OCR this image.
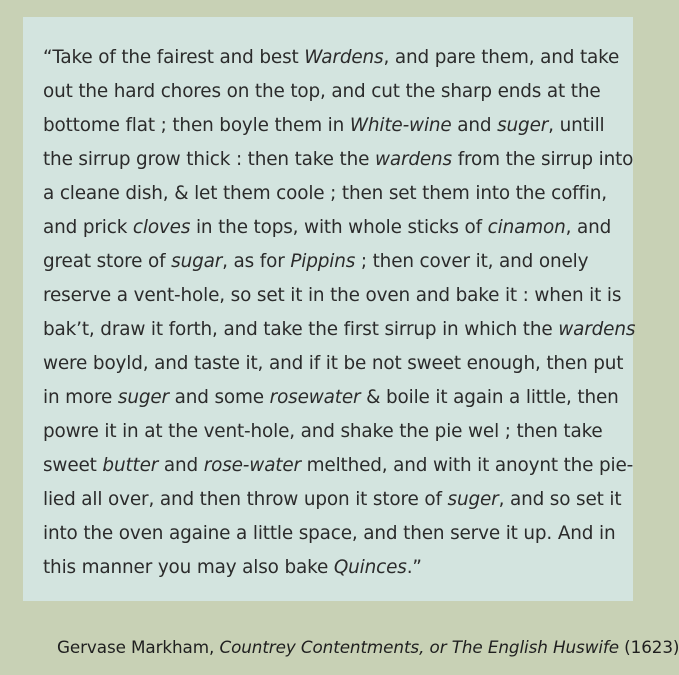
“Take of the fairest and best Wardens, and pare them, and take
out the hard chores on the top, and cut the sharp ends at the
bottome flat ; then boyle them in White-wine and suger, untill
the sirrup grow thick : then take the wardens from the sirrup into
a cleane dish, & let them coole ; then set them into the coffin,
and prick cloves in the tops, with whole sticks of cinamon, and
great store of sugar, as for Pippins ; then cover it, and onely
reserve a vent-hole, so set it in the oven and bake it : when it is
bak’t, draw it forth, and take the first sirrup in which the wardens
were boyld, and taste it, and if it be not sweet enough, then put
in more suger and some rosewater & boile it again a little, then
powre it in at the vent-hole, and shake the pie wel ; then take
sweet butter and rose-water melthed, and with it anoynt the pie-
lied all over, and then throw upon it store of suger, and so set it
into the oven againe a little space, and then serve it up. And in
this manner you may also bake Quinces.”

Gervase Markham, Countrey Contentments, or The English Huswife (1623)
